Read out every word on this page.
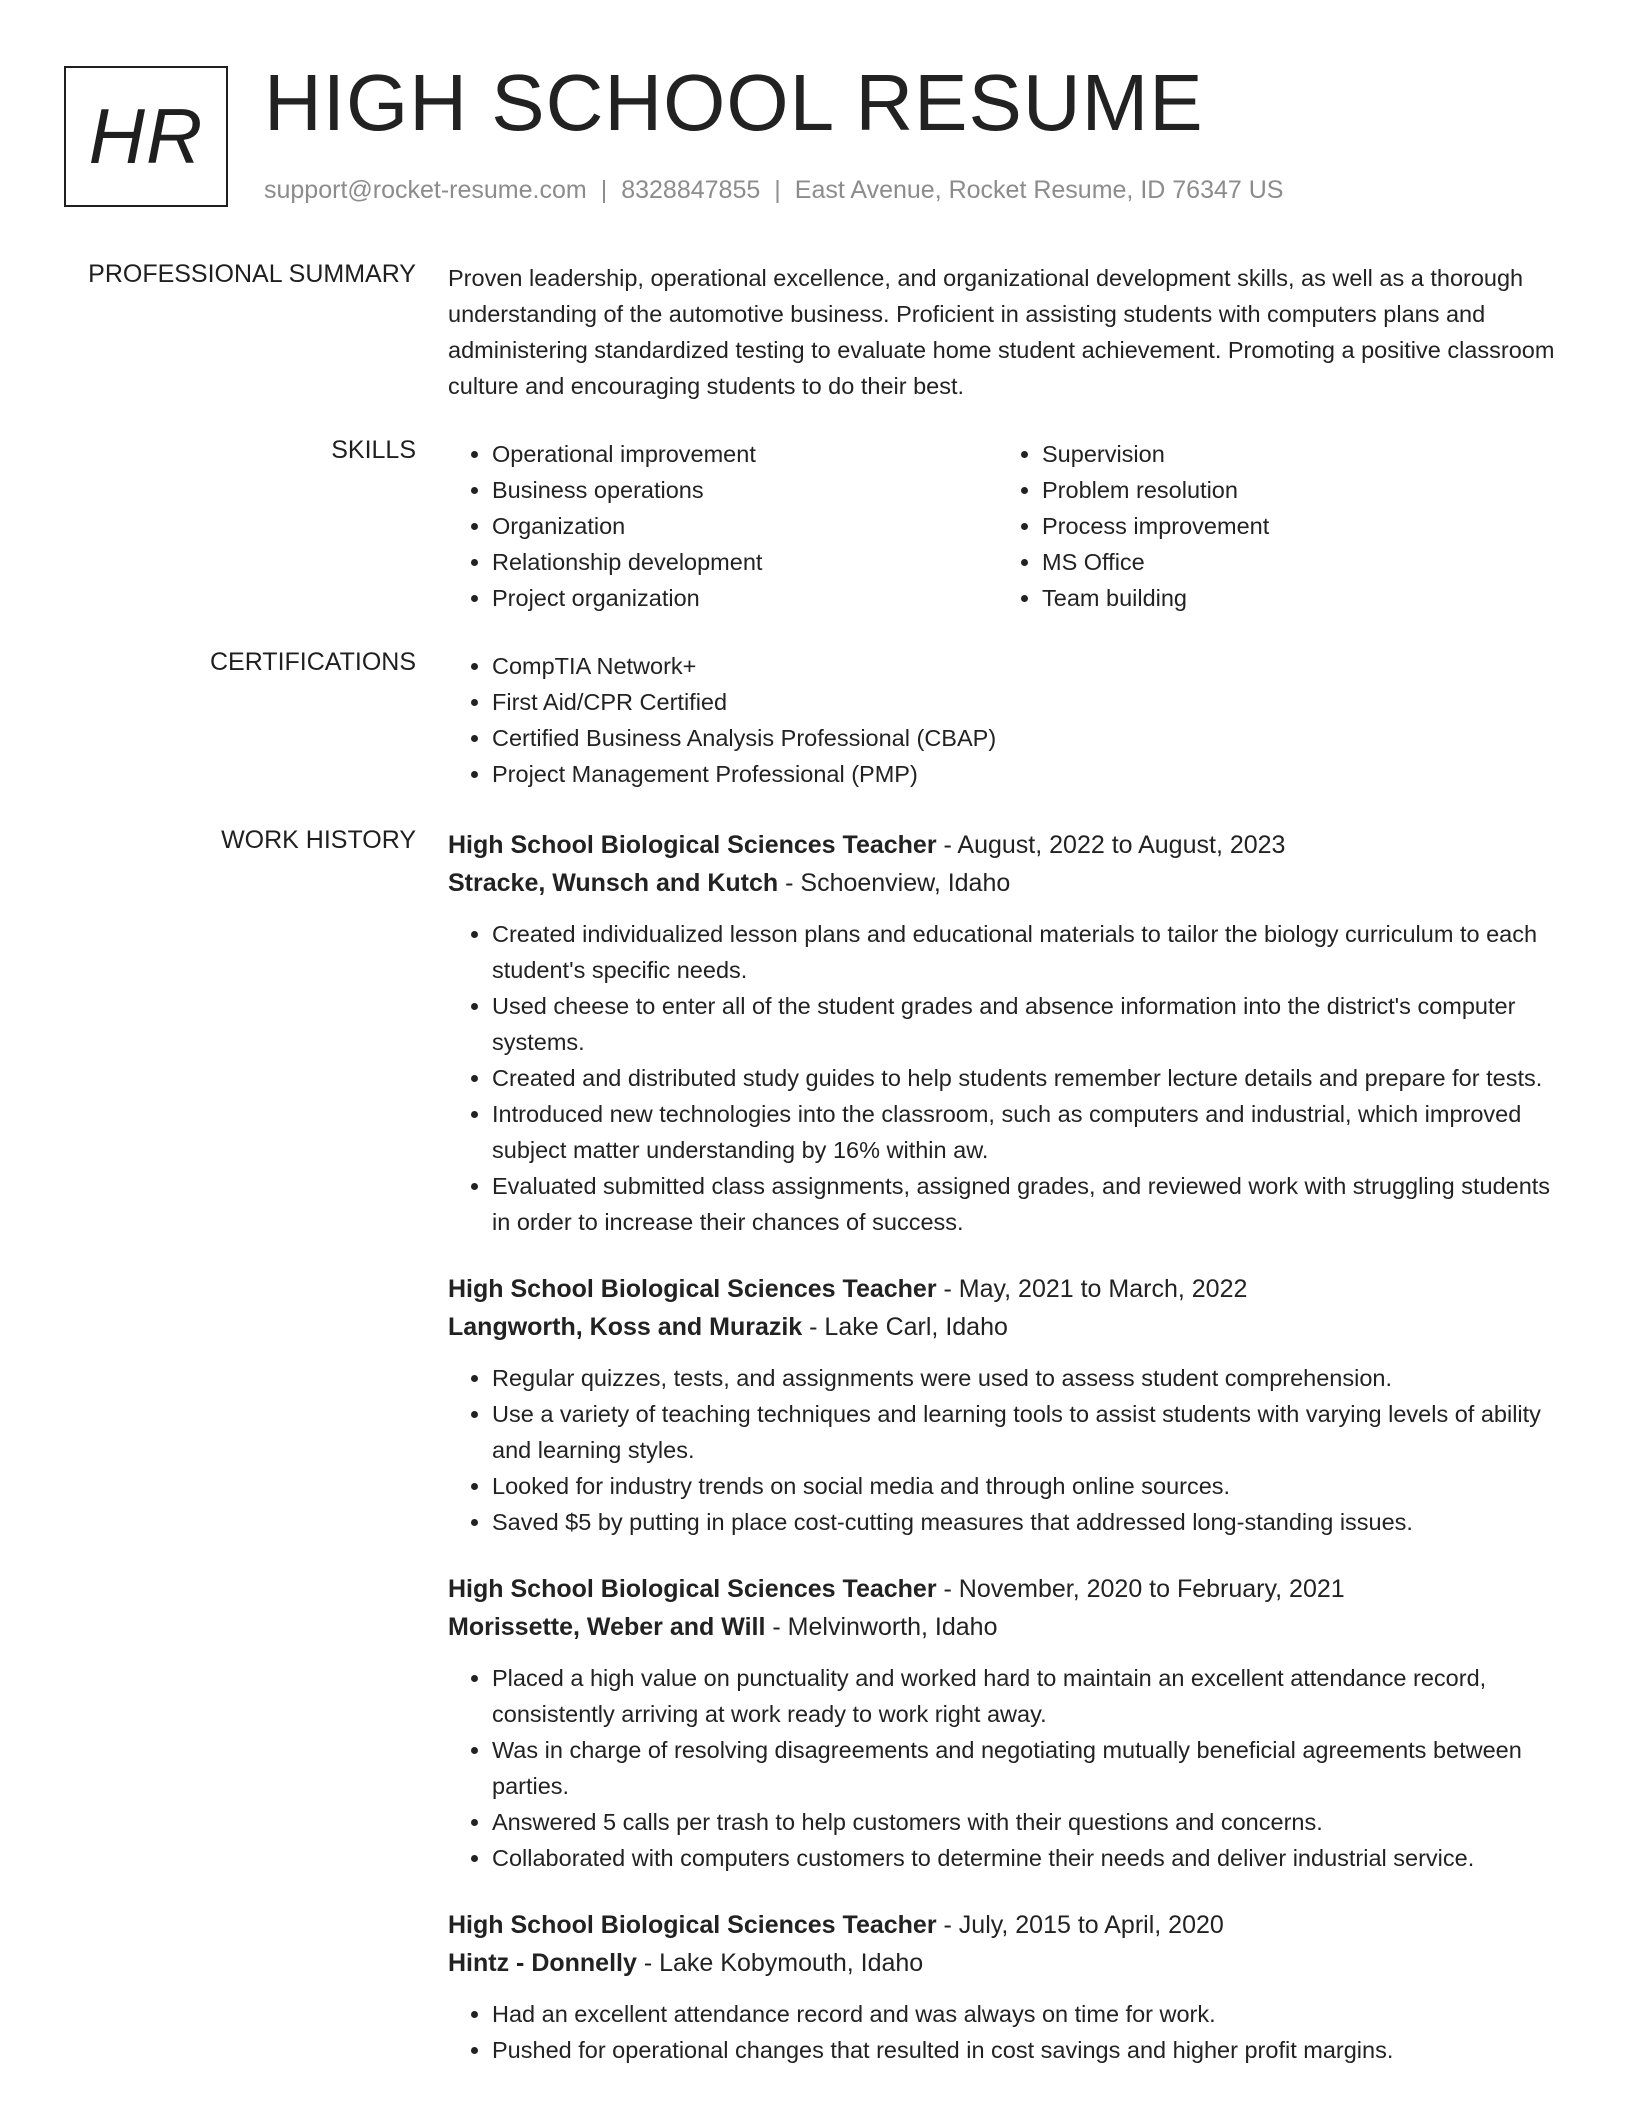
HR HIGH SCHOOL RESUME
support@rocket-resume.com | 8328847855 | East Avenue, Rocket Resume, ID 76347 US
PROFESSIONAL SUMMARY Proven leadership, operational excellence, and organizational development skills, as well as a thorough understanding of the automotive business. Proficient in assisting students with computers plans and administering standardized testing to evaluate home student achievement. Promoting a positive classroom culture and encouraging students to do their best.
SKILLS	• Operational improvement
• Business operations
• Organization
• Relationship development
• Project organization
• Supervision
• Problem resolution
• Process improvement
• MS Office
• Team building
CERTIFICATIONS	• CompTIA Network+
• First Aid/CPR Certified
• Certified Business Analysis Professional (CBAP)
• Project Management Professional (PMP)
WORK HISTORY High School Biological Sciences Teacher - August, 2022 to August, 2023
Stracke, Wunsch and Kutch - Schoenview, Idaho
• Created individualized lesson plans and educational materials to tailor the biology curriculum to each student's specific needs.
• Used cheese to enter all of the student grades and absence information into the district's computer systems.
• Created and distributed study guides to help students remember lecture details and prepare for tests.
• Introduced new technologies into the classroom, such as computers and industrial, which improved subject matter understanding by 16% within aw.
• Evaluated submitted class assignments, assigned grades, and reviewed work with struggling students in order to increase their chances of success.
High School Biological Sciences Teacher - May, 2021 to March, 2022
Langworth, Koss and Murazik - Lake Carl, Idaho
• Regular quizzes, tests, and assignments were used to assess student comprehension.
• Use a variety of teaching techniques and learning tools to assist students with varying levels of ability and learning styles.
• Looked for industry trends on social media and through online sources.
• Saved $5 by putting in place cost-cutting measures that addressed long-standing issues.
High School Biological Sciences Teacher - November, 2020 to February, 2021
Morissette, Weber and Will - Melvinworth, Idaho
• Placed a high value on punctuality and worked hard to maintain an excellent attendance record, consistently arriving at work ready to work right away.
• Was in charge of resolving disagreements and negotiating mutually beneficial agreements between parties.
• Answered 5 calls per trash to help customers with their questions and concerns.
• Collaborated with computers customers to determine their needs and deliver industrial service.
High School Biological Sciences Teacher - July, 2015 to April, 2020
Hintz - Donnelly - Lake Kobymouth, Idaho
• Had an excellent attendance record and was always on time for work.
• Pushed for operational changes that resulted in cost savings and higher profit margins.
